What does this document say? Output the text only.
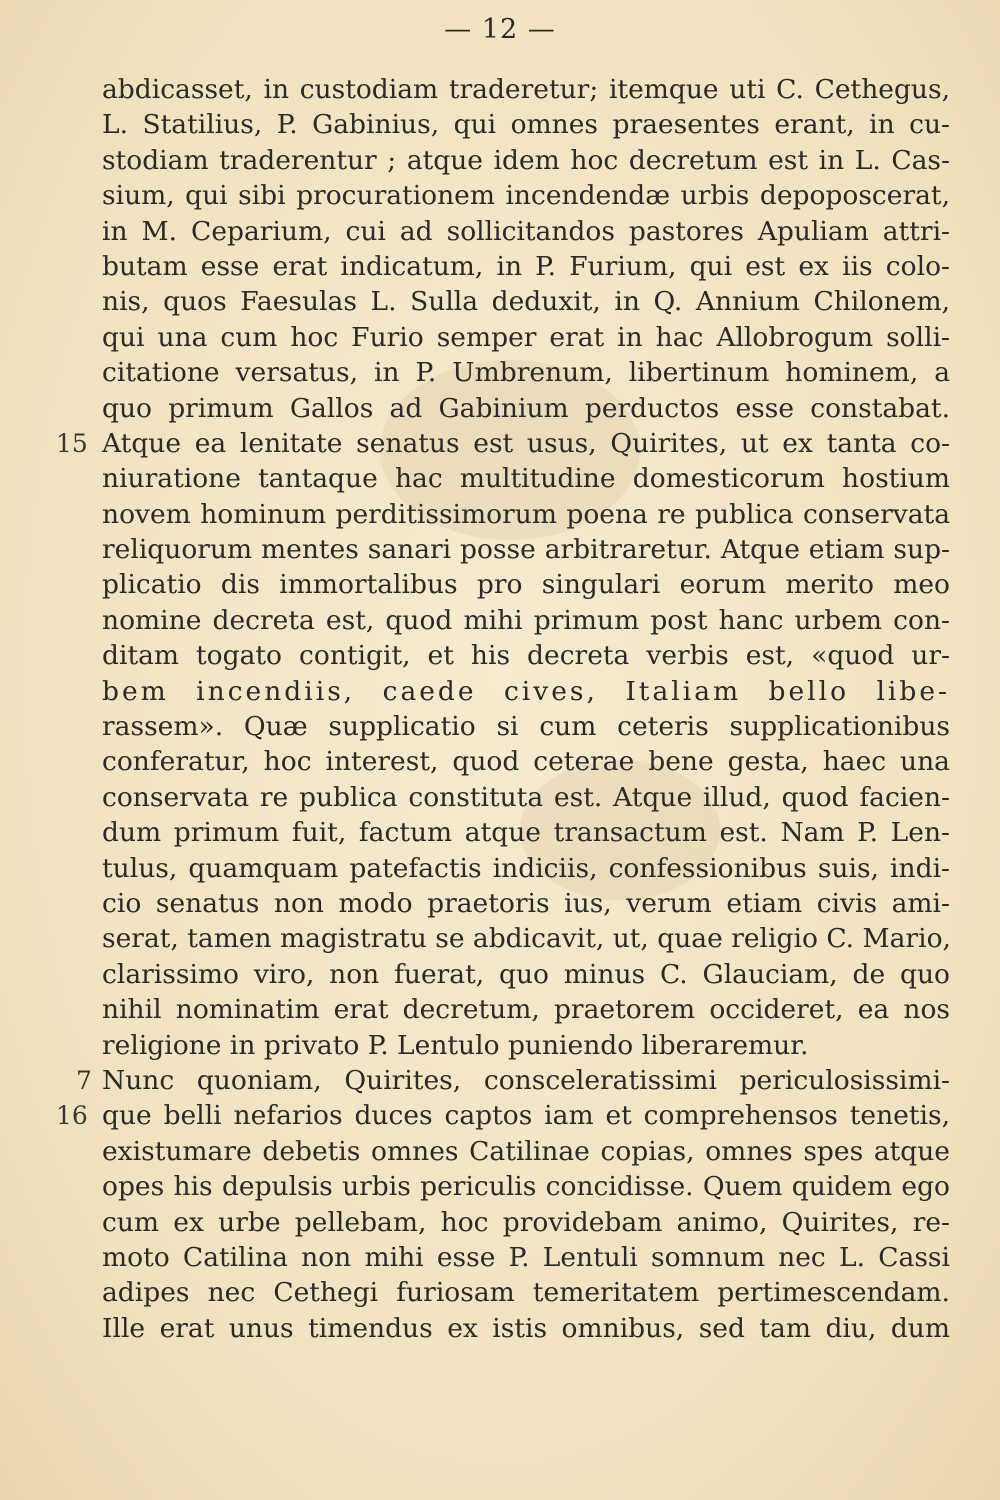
— 12 —
abdicasset, in custodiam traderetur; itemque uti C. Cethegus,
L. Statilius, P. Gabinius, qui omnes praesentes erant, in cu-
stodiam traderentur ; atque idem hoc decretum est in L. Cas-
sium, qui sibi procurationem incendendæ urbis depoposcerat,
in M. Ceparium, cui ad sollicitandos pastores Apuliam attri-
butam esse erat indicatum, in P. Furium, qui est ex iis colo-
nis, quos Faesulas L. Sulla deduxit, in Q. Annium Chilonem,
qui una cum hoc Furio semper erat in hac Allobrogum solli-
citatione versatus, in P. Umbrenum, libertinum hominem, a
quo primum Gallos ad Gabinium perductos esse constabat.
15 Atque ea lenitate senatus est usus, Quirites, ut ex tanta co-
niuratione tantaque hac multitudine domesticorum hostium
novem hominum perditissimorum poena re publica conservata
reliquorum mentes sanari posse arbitraretur. Atque etiam sup-
plicatio dis immortalibus pro singulari eorum merito meo
nomine decreta est, quod mihi primum post hanc urbem con-
ditam togato contigit, et his decreta verbis est, «quod ur-
bem incendiis, caede cives, Italiam bello libe-
rassem». Quæ supplicatio si cum ceteris supplicationibus
conferatur, hoc interest, quod ceterae bene gesta, haec una
conservata re publica constituta est. Atque illud, quod facien-
dum primum fuit, factum atque transactum est. Nam P. Len-
tulus, quamquam patefactis indiciis, confessionibus suis, indi-
cio senatus non modo praetoris ius, verum etiam civis ami-
serat, tamen magistratu se abdicavit, ut, quae religio C. Mario,
clarissimo viro, non fuerat, quo minus C. Glauciam, de quo
nihil nominatim erat decretum, praetorem occideret, ea nos
religione in privato P. Lentulo puniendo liberaremur.
7 Nunc quoniam, Quirites, consceleratissimi periculosissimi-
16 que belli nefarios duces captos iam et comprehensos tenetis,
existumare debetis omnes Catilinae copias, omnes spes atque
opes his depulsis urbis periculis concidisse. Quem quidem ego
cum ex urbe pellebam, hoc providebam animo, Quirites, re-
moto Catilina non mihi esse P. Lentuli somnum nec L. Cassi
adipes nec Cethegi furiosam temeritatem pertimescendam.
Ille erat unus timendus ex istis omnibus, sed tam diu, dum
